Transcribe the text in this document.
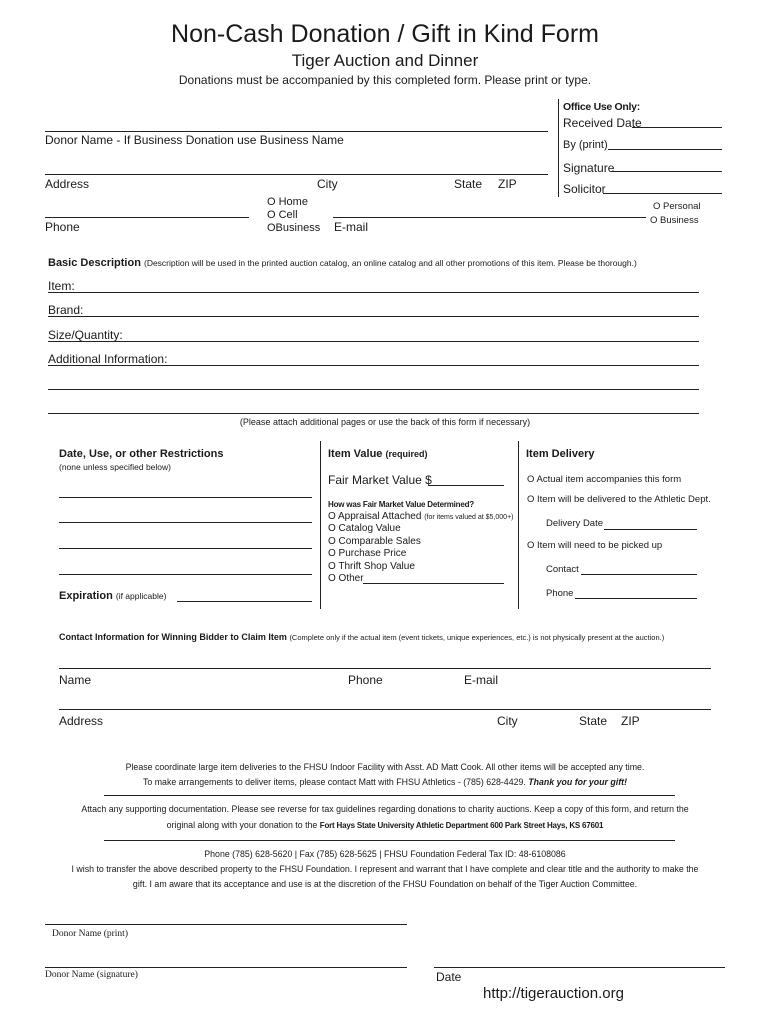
Non-Cash Donation / Gift in Kind Form
Tiger Auction and Dinner
Donations must be accompanied by this completed form. Please print or type.
Office Use Only:
Received Date
By (print)
Signature
Solicitor
O Personal
O Business
Donor Name - If Business Donation use Business Name
Address	City	State ZIP
O Home
O Cell
OBusiness
Phone	E-mail
Basic Description (Description will be used in the printed auction catalog, an online catalog and all other promotions of this item. Please be thorough.)
Item:
Brand:
Size/Quantity:
Additional Information:
(Please attach additional pages or use the back of this form if necessary)
Date, Use, or other Restrictions
(none unless specified below)
Expiration (if applicable)
Item Value (required)
Fair Market Value $
How was Fair Market Value Determined?
O Appraisal Attached (for items valued at $5,000+)
O Catalog Value
O Comparable Sales
O Purchase Price
O Thrift Shop Value
O Other
Item Delivery
O Actual item accompanies this form
O Item will be delivered to the Athletic Dept.
Delivery Date
O Item will need to be picked up
Contact
Phone
Contact Information for Winning Bidder to Claim Item (Complete only if the actual item (event tickets, unique experiences, etc.) is not physically present at the auction.)
Name	Phone	E-mail
Address	City	State ZIP
Please coordinate large item deliveries to the FHSU Indoor Facility with Asst. AD Matt Cook. All other items will be accepted any time.
To make arrangements to deliver items, please contact Matt with FHSU Athletics - (785) 628-4429. Thank you for your gift!
Attach any supporting documentation. Please see reverse for tax guidelines regarding donations to charity auctions. Keep a copy of this form, and return the
original along with your donation to the Fort Hays State University Athletic Department 600 Park Street Hays, KS 67601
Phone (785) 628-5620 | Fax (785) 628-5625 | FHSU Foundation Federal Tax ID: 48-6108086
I wish to transfer the above described property to the FHSU Foundation. I represent and warrant that I have complete and clear title and the authority to make the
gift. I am aware that its acceptance and use is at the discretion of the FHSU Foundation on behalf of the Tiger Auction Committee.
Donor Name (print)
Donor Name (signature)	Date
http://tigerauction.org
